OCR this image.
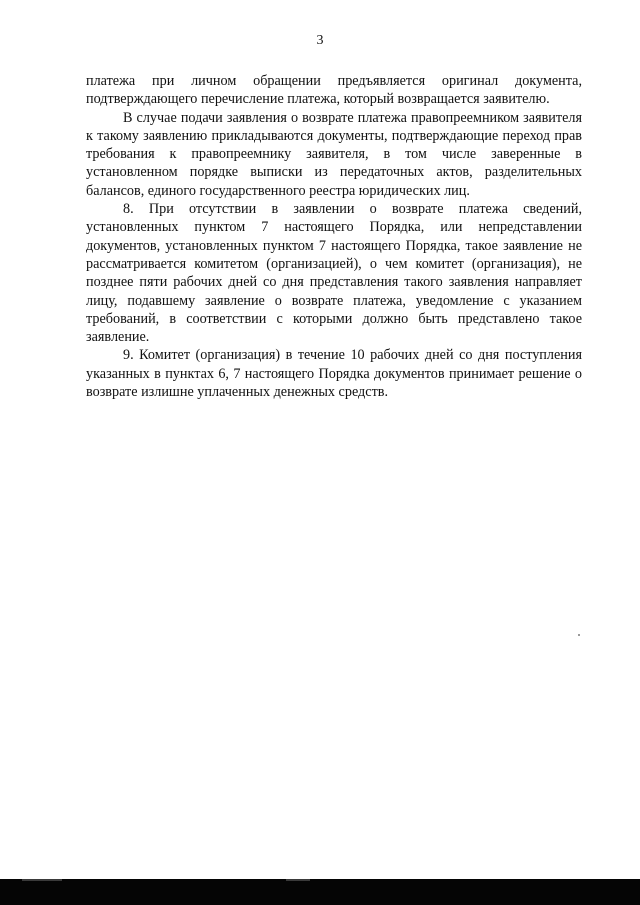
3

платежа при личном обращении предъявляется оригинал документа, подтверждающего перечисление платежа, который возвращается заявителю.

В случае подачи заявления о возврате платежа правопреемником заявителя к такому заявлению прикладываются документы, подтверждающие переход прав требования к правопреемнику заявителя, в том числе заверенные в установленном порядке выписки из передаточных актов, разделительных балансов, единого государственного реестра юридических лиц.

8. При отсутствии в заявлении о возврате платежа сведений, установленных пунктом 7 настоящего Порядка, или непредставлении документов, установленных пунктом 7 настоящего Порядка, такое заявление не рассматривается комитетом (организацией), о чем комитет (организация), не позднее пяти рабочих дней со дня представления такого заявления направляет лицу, подавшему заявление о возврате платежа, уведомление с указанием требований, в соответствии с которыми должно быть представлено такое заявление.

9. Комитет (организация) в течение 10 рабочих дней со дня поступления указанных в пунктах 6, 7 настоящего Порядка документов принимает решение о возврате излишне уплаченных денежных средств.
